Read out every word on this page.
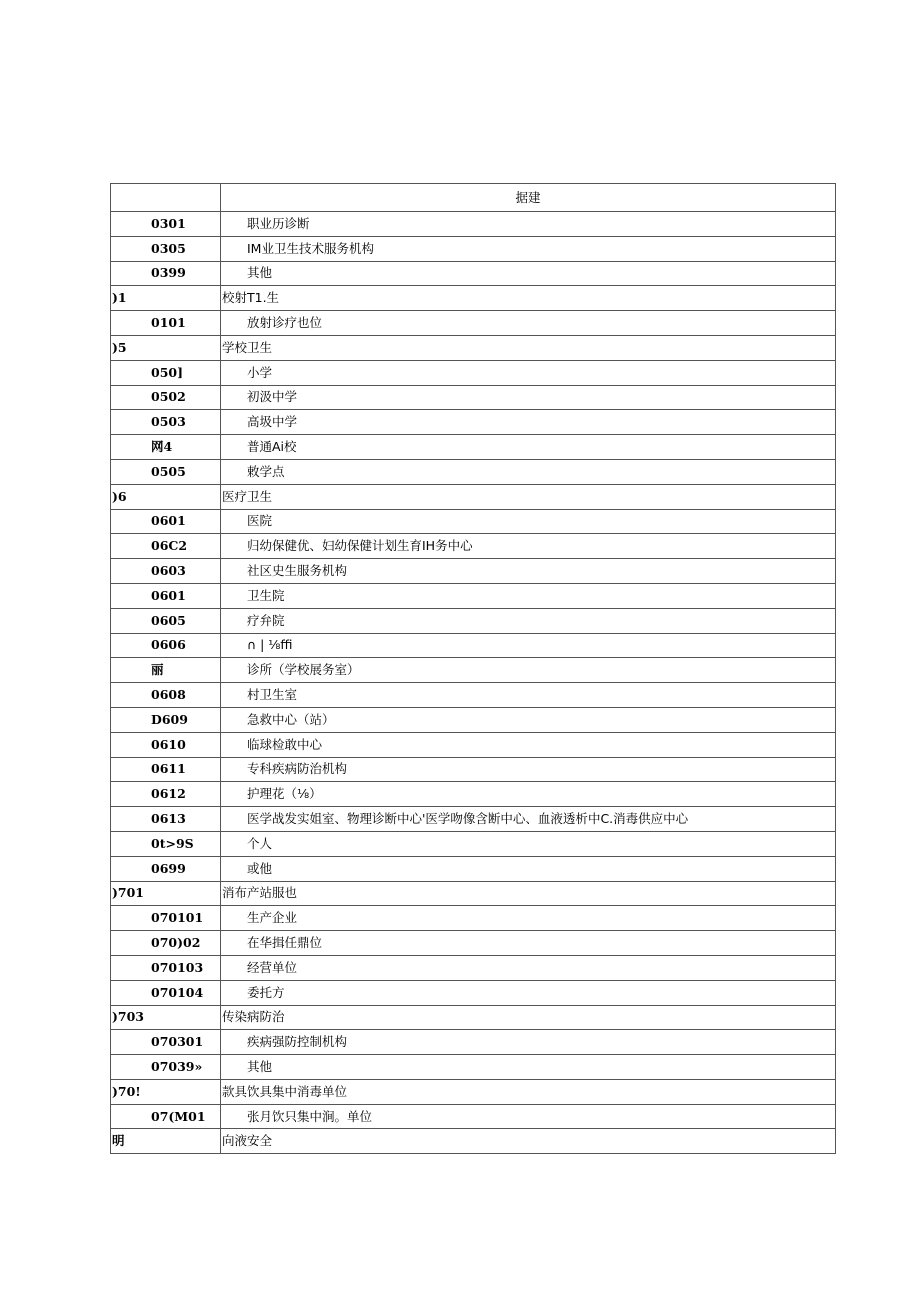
	据建
0301	职业历诊断
0305	IM业卫生技术服务机构
0399	其他
)1	校射T1.生
0101	放射诊疗也位
)5	学校卫生
050]	小学
0502	初汲中学
0503	高圾中学
网4	普通Ai校
0505	敕学点
)6	医疗卫生
0601	医院
06C2	归幼保健优、妇幼保健计划生育IH务中心
0603	社区史生服务机构
0601	卫生院
0605	疗弁院
0606	∩ | ⅛ffi
丽	诊所（学校展务室）
0608	村卫生室
D609	急救中心（站）
0610	临球检敢中心
0611	专科疾病防治机构
0612	护理花（⅛）
0613	医学战发实姐室、物理诊断中心'医学吻像含断中心、血液透析中C.消毒供应中心
0t>9S	个人
0699	或他
)701	消布产站服也
070101	生产企业
070)02	在华揖任鼎位
070103	经营单位
070104	委托方
)703	传染病防治
070301	疾病强防控制机构
07039»	其他
)70!	款具饮具集中消毒单位
07(M01	张月饮只集中涧。单位
明	向液安全
